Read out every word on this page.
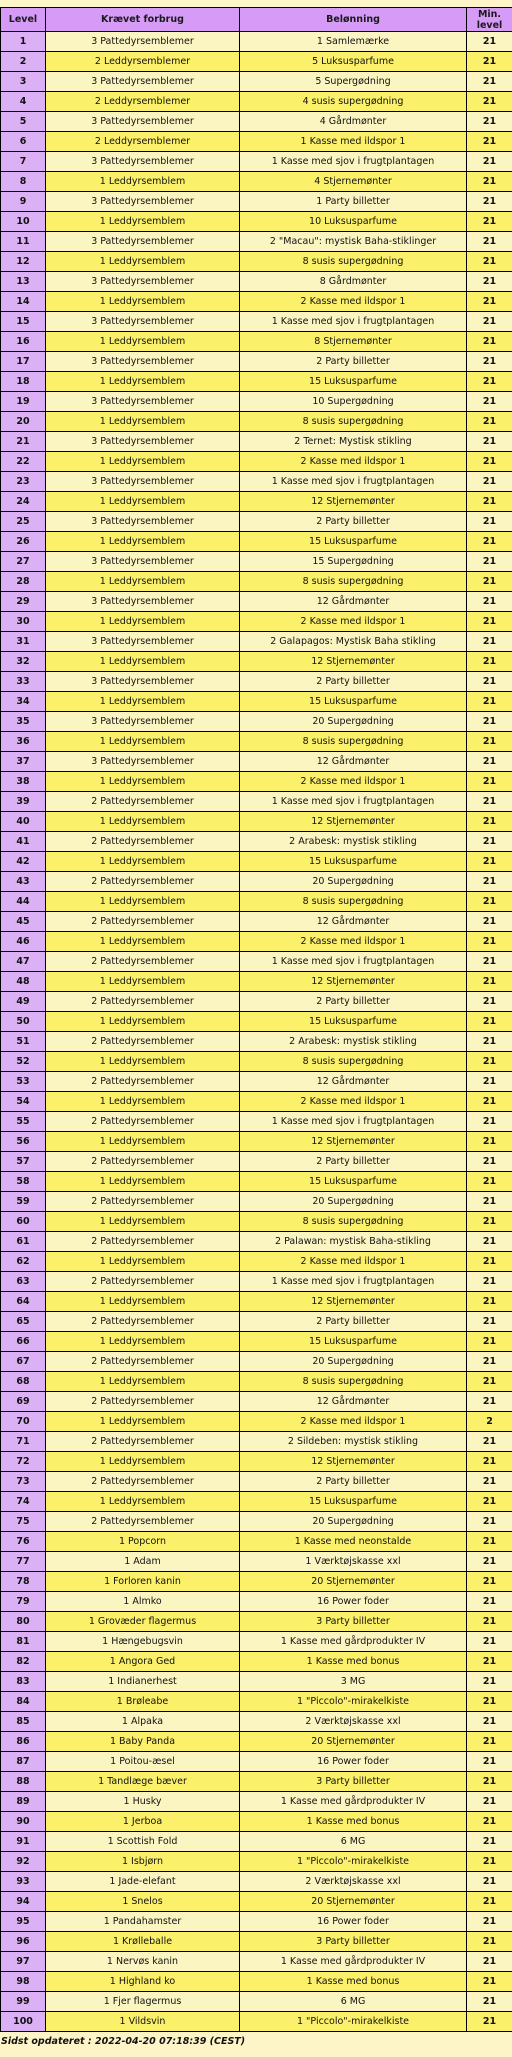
Level	Krævet forbrug	Belønning	Min.
level
1	3 Pattedyrsemblemer	1 Samlemærke	21
2	2 Leddyrsemblemer	5 Luksusparfume	21
3	3 Pattedyrsemblemer	5 Supergødning	21
4	2 Leddyrsemblemer	4 susis supergødning	21
5	3 Pattedyrsemblemer	4 Gårdmønter	21
6	2 Leddyrsemblemer	1 Kasse med ildspor 1	21
7	3 Pattedyrsemblemer	1 Kasse med sjov i frugtplantagen	21
8	1 Leddyrsemblem	4 Stjernemønter	21
9	3 Pattedyrsemblemer	1 Party billetter	21
10	1 Leddyrsemblem	10 Luksusparfume	21
11	3 Pattedyrsemblemer	2 "Macau": mystisk Baha-stiklinger	21
12	1 Leddyrsemblem	8 susis supergødning	21
13	3 Pattedyrsemblemer	8 Gårdmønter	21
14	1 Leddyrsemblem	2 Kasse med ildspor 1	21
15	3 Pattedyrsemblemer	1 Kasse med sjov i frugtplantagen	21
16	1 Leddyrsemblem	8 Stjernemønter	21
17	3 Pattedyrsemblemer	2 Party billetter	21
18	1 Leddyrsemblem	15 Luksusparfume	21
19	3 Pattedyrsemblemer	10 Supergødning	21
20	1 Leddyrsemblem	8 susis supergødning	21
21	3 Pattedyrsemblemer	2 Ternet: Mystisk stikling	21
22	1 Leddyrsemblem	2 Kasse med ildspor 1	21
23	3 Pattedyrsemblemer	1 Kasse med sjov i frugtplantagen	21
24	1 Leddyrsemblem	12 Stjernemønter	21
25	3 Pattedyrsemblemer	2 Party billetter	21
26	1 Leddyrsemblem	15 Luksusparfume	21
27	3 Pattedyrsemblemer	15 Supergødning	21
28	1 Leddyrsemblem	8 susis supergødning	21
29	3 Pattedyrsemblemer	12 Gårdmønter	21
30	1 Leddyrsemblem	2 Kasse med ildspor 1	21
31	3 Pattedyrsemblemer	2 Galapagos: Mystisk Baha stikling	21
32	1 Leddyrsemblem	12 Stjernemønter	21
33	3 Pattedyrsemblemer	2 Party billetter	21
34	1 Leddyrsemblem	15 Luksusparfume	21
35	3 Pattedyrsemblemer	20 Supergødning	21
36	1 Leddyrsemblem	8 susis supergødning	21
37	3 Pattedyrsemblemer	12 Gårdmønter	21
38	1 Leddyrsemblem	2 Kasse med ildspor 1	21
39	2 Pattedyrsemblemer	1 Kasse med sjov i frugtplantagen	21
40	1 Leddyrsemblem	12 Stjernemønter	21
41	2 Pattedyrsemblemer	2 Arabesk: mystisk stikling	21
42	1 Leddyrsemblem	15 Luksusparfume	21
43	2 Pattedyrsemblemer	20 Supergødning	21
44	1 Leddyrsemblem	8 susis supergødning	21
45	2 Pattedyrsemblemer	12 Gårdmønter	21
46	1 Leddyrsemblem	2 Kasse med ildspor 1	21
47	2 Pattedyrsemblemer	1 Kasse med sjov i frugtplantagen	21
48	1 Leddyrsemblem	12 Stjernemønter	21
49	2 Pattedyrsemblemer	2 Party billetter	21
50	1 Leddyrsemblem	15 Luksusparfume	21
51	2 Pattedyrsemblemer	2 Arabesk: mystisk stikling	21
52	1 Leddyrsemblem	8 susis supergødning	21
53	2 Pattedyrsemblemer	12 Gårdmønter	21
54	1 Leddyrsemblem	2 Kasse med ildspor 1	21
55	2 Pattedyrsemblemer	1 Kasse med sjov i frugtplantagen	21
56	1 Leddyrsemblem	12 Stjernemønter	21
57	2 Pattedyrsemblemer	2 Party billetter	21
58	1 Leddyrsemblem	15 Luksusparfume	21
59	2 Pattedyrsemblemer	20 Supergødning	21
60	1 Leddyrsemblem	8 susis supergødning	21
61	2 Pattedyrsemblemer	2 Palawan: mystisk Baha-stikling	21
62	1 Leddyrsemblem	2 Kasse med ildspor 1	21
63	2 Pattedyrsemblemer	1 Kasse med sjov i frugtplantagen	21
64	1 Leddyrsemblem	12 Stjernemønter	21
65	2 Pattedyrsemblemer	2 Party billetter	21
66	1 Leddyrsemblem	15 Luksusparfume	21
67	2 Pattedyrsemblemer	20 Supergødning	21
68	1 Leddyrsemblem	8 susis supergødning	21
69	2 Pattedyrsemblemer	12 Gårdmønter	21
70	1 Leddyrsemblem	2 Kasse med ildspor 1	2
71	2 Pattedyrsemblemer	2 Sildeben: mystisk stikling	21
72	1 Leddyrsemblem	12 Stjernemønter	21
73	2 Pattedyrsemblemer	2 Party billetter	21
74	1 Leddyrsemblem	15 Luksusparfume	21
75	2 Pattedyrsemblemer	20 Supergødning	21
76	1 Popcorn	1 Kasse med neonstalde	21
77	1 Adam	1 Værktøjskasse xxl	21
78	1 Forloren kanin	20 Stjernemønter	21
79	1 Almko	16 Power foder	21
80	1 Grovæder flagermus	3 Party billetter	21
81	1 Hængebugsvin	1 Kasse med gårdprodukter IV	21
82	1 Angora Ged	1 Kasse med bonus	21
83	1 Indianerhest	3 MG	21
84	1 Brøleabe	1 "Piccolo"-mirakelkiste	21
85	1 Alpaka	2 Værktøjskasse xxl	21
86	1 Baby Panda	20 Stjernemønter	21
87	1 Poitou-æsel	16 Power foder	21
88	1 Tandlæge bæver	3 Party billetter	21
89	1 Husky	1 Kasse med gårdprodukter IV	21
90	1 Jerboa	1 Kasse med bonus	21
91	1 Scottish Fold	6 MG	21
92	1 Isbjørn	1 "Piccolo"-mirakelkiste	21
93	1 Jade-elefant	2 Værktøjskasse xxl	21
94	1 Snelos	20 Stjernemønter	21
95	1 Pandahamster	16 Power foder	21
96	1 Krølleballe	3 Party billetter	21
97	1 Nervøs kanin	1 Kasse med gårdprodukter IV	21
98	1 Highland ko	1 Kasse med bonus	21
99	1 Fjer flagermus	6 MG	21
100	1 Vildsvin	1 "Piccolo"-mirakelkiste	21
Sidst opdateret : 2022-04-20 07:18:39 (CEST)
